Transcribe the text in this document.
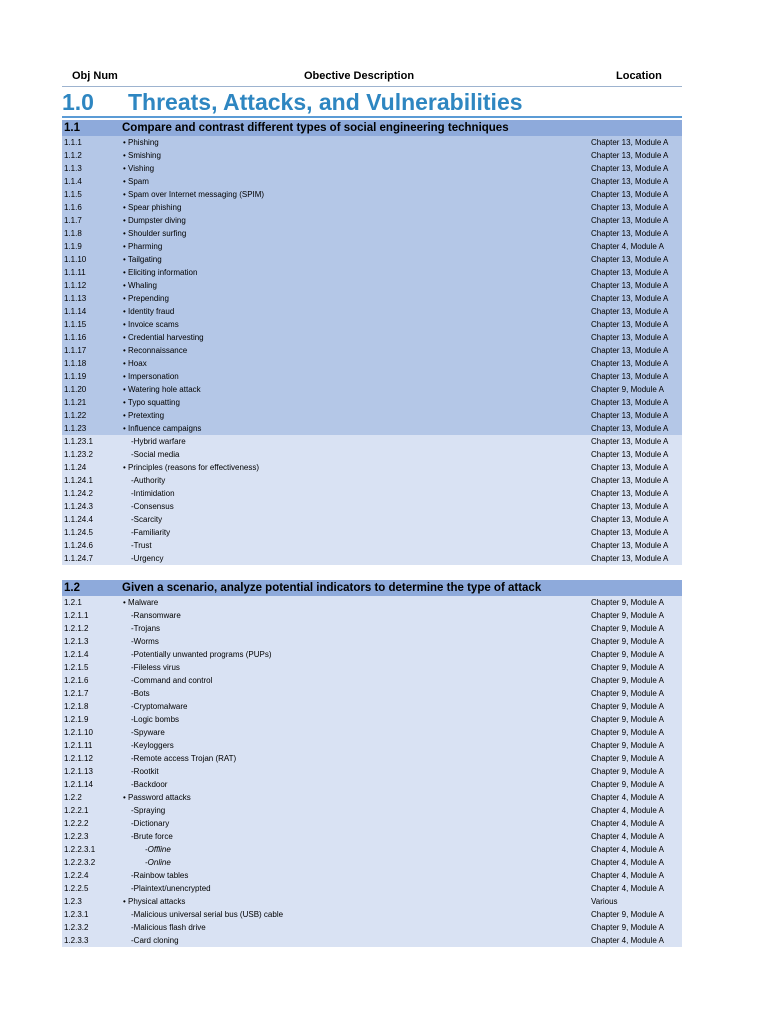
Obj Num	Obective Description	Location
1.0 Threats, Attacks, and Vulnerabilities
1.1	Compare and contrast different types of social engineering techniques
1.1.1	• Phishing	Chapter 13, Module A
1.1.2	• Smishing	Chapter 13, Module A
1.1.3	• Vishing	Chapter 13, Module A
1.1.4	• Spam	Chapter 13, Module A
1.1.5	• Spam over Internet messaging (SPIM)	Chapter 13, Module A
1.1.6	• Spear phishing	Chapter 13, Module A
1.1.7	• Dumpster diving	Chapter 13, Module A
1.1.8	• Shoulder surfing	Chapter 13, Module A
1.1.9	• Pharming	Chapter 4, Module A
1.1.10	• Tailgating	Chapter 13, Module A
1.1.11	• Eliciting information	Chapter 13, Module A
1.1.12	• Whaling	Chapter 13, Module A
1.1.13	• Prepending	Chapter 13, Module A
1.1.14	• Identity fraud	Chapter 13, Module A
1.1.15	• Invoice scams	Chapter 13, Module A
1.1.16	• Credential harvesting	Chapter 13, Module A
1.1.17	• Reconnaissance	Chapter 13, Module A
1.1.18	• Hoax	Chapter 13, Module A
1.1.19	• Impersonation	Chapter 13, Module A
1.1.20	• Watering hole attack	Chapter 9, Module A
1.1.21	• Typo squatting	Chapter 13, Module A
1.1.22	• Pretexting	Chapter 13, Module A
1.1.23	• Influence campaigns	Chapter 13, Module A
1.1.23.1	-Hybrid warfare	Chapter 13, Module A
1.1.23.2	-Social media	Chapter 13, Module A
1.1.24	• Principles (reasons for effectiveness)	Chapter 13, Module A
1.1.24.1	-Authority	Chapter 13, Module A
1.1.24.2	-Intimidation	Chapter 13, Module A
1.1.24.3	-Consensus	Chapter 13, Module A
1.1.24.4	-Scarcity	Chapter 13, Module A
1.1.24.5	-Familiarity	Chapter 13, Module A
1.1.24.6	-Trust	Chapter 13, Module A
1.1.24.7	-Urgency	Chapter 13, Module A
1.2	Given a scenario, analyze potential indicators to determine the type of attack
1.2.1	• Malware	Chapter 9, Module A
1.2.1.1	-Ransomware	Chapter 9, Module A
1.2.1.2	-Trojans	Chapter 9, Module A
1.2.1.3	-Worms	Chapter 9, Module A
1.2.1.4	-Potentially unwanted programs (PUPs)	Chapter 9, Module A
1.2.1.5	-Fileless virus	Chapter 9, Module A
1.2.1.6	-Command and control	Chapter 9, Module A
1.2.1.7	-Bots	Chapter 9, Module A
1.2.1.8	-Cryptomalware	Chapter 9, Module A
1.2.1.9	-Logic bombs	Chapter 9, Module A
1.2.1.10	-Spyware	Chapter 9, Module A
1.2.1.11	-Keyloggers	Chapter 9, Module A
1.2.1.12	-Remote access Trojan (RAT)	Chapter 9, Module A
1.2.1.13	-Rootkit	Chapter 9, Module A
1.2.1.14	-Backdoor	Chapter 9, Module A
1.2.2	• Password attacks	Chapter 4, Module A
1.2.2.1	-Spraying	Chapter 4, Module A
1.2.2.2	-Dictionary	Chapter 4, Module A
1.2.2.3	-Brute force	Chapter 4, Module A
1.2.2.3.1	-Offline	Chapter 4, Module A
1.2.2.3.2	-Online	Chapter 4, Module A
1.2.2.4	-Rainbow tables	Chapter 4, Module A
1.2.2.5	-Plaintext/unencrypted	Chapter 4, Module A
1.2.3	• Physical attacks	Various
1.2.3.1	-Malicious universal serial bus (USB) cable	Chapter 9, Module A
1.2.3.2	-Malicious flash drive	Chapter 9, Module A
1.2.3.3	-Card cloning	Chapter 4, Module A
